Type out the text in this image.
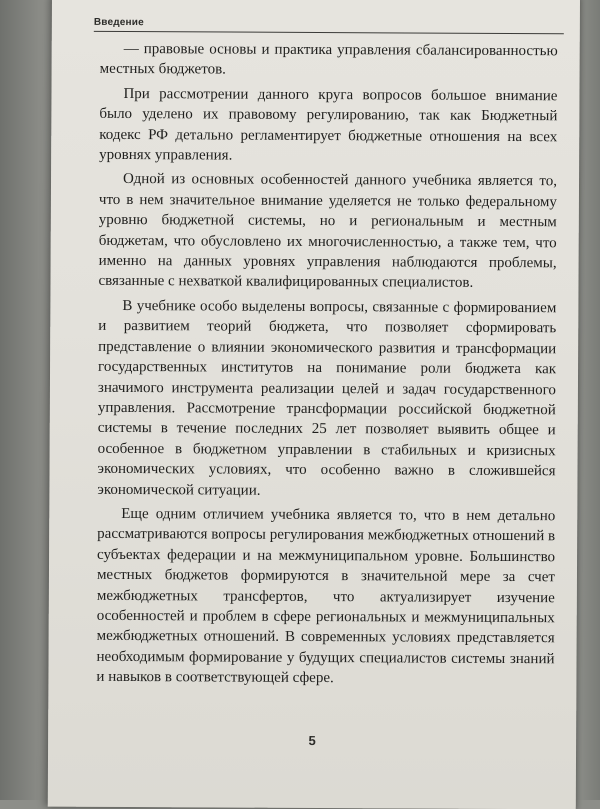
Введение

— правовые основы и практика управления сбалансированностью местных бюджетов.

При рассмотрении данного круга вопросов большое внимание было уделено их правовому регулированию, так как Бюджетный кодекс РФ детально регламентирует бюджетные отношения на всех уровнях управления.

Одной из основных особенностей данного учебника является то, что в нем значительное внимание уделяется не только федеральному уровню бюджетной системы, но и региональным и местным бюджетам, что обусловлено их многочисленностью, а также тем, что именно на данных уровнях управления наблюдаются проблемы, связанные с нехваткой квалифицированных специалистов.

В учебнике особо выделены вопросы, связанные с формированием и развитием теорий бюджета, что позволяет сформировать представление о влиянии экономического развития и трансформации государственных институтов на понимание роли бюджета как значимого инструмента реализации целей и задач государственного управления. Рассмотрение трансформации российской бюджетной системы в течение последних 25 лет позволяет выявить общее и особенное в бюджетном управлении в стабильных и кризисных экономических условиях, что особенно важно в сложившейся экономической ситуации.

Еще одним отличием учебника является то, что в нем детально рассматриваются вопросы регулирования межбюджетных отношений в субъектах федерации и на межмуниципальном уровне. Большинство местных бюджетов формируются в значительной мере за счет межбюджетных трансфертов, что актуализирует изучение особенностей и проблем в сфере региональных и межмуниципальных межбюджетных отношений. В современных условиях представляется необходимым формирование у будущих специалистов системы знаний и навыков в соответствующей сфере.

5
